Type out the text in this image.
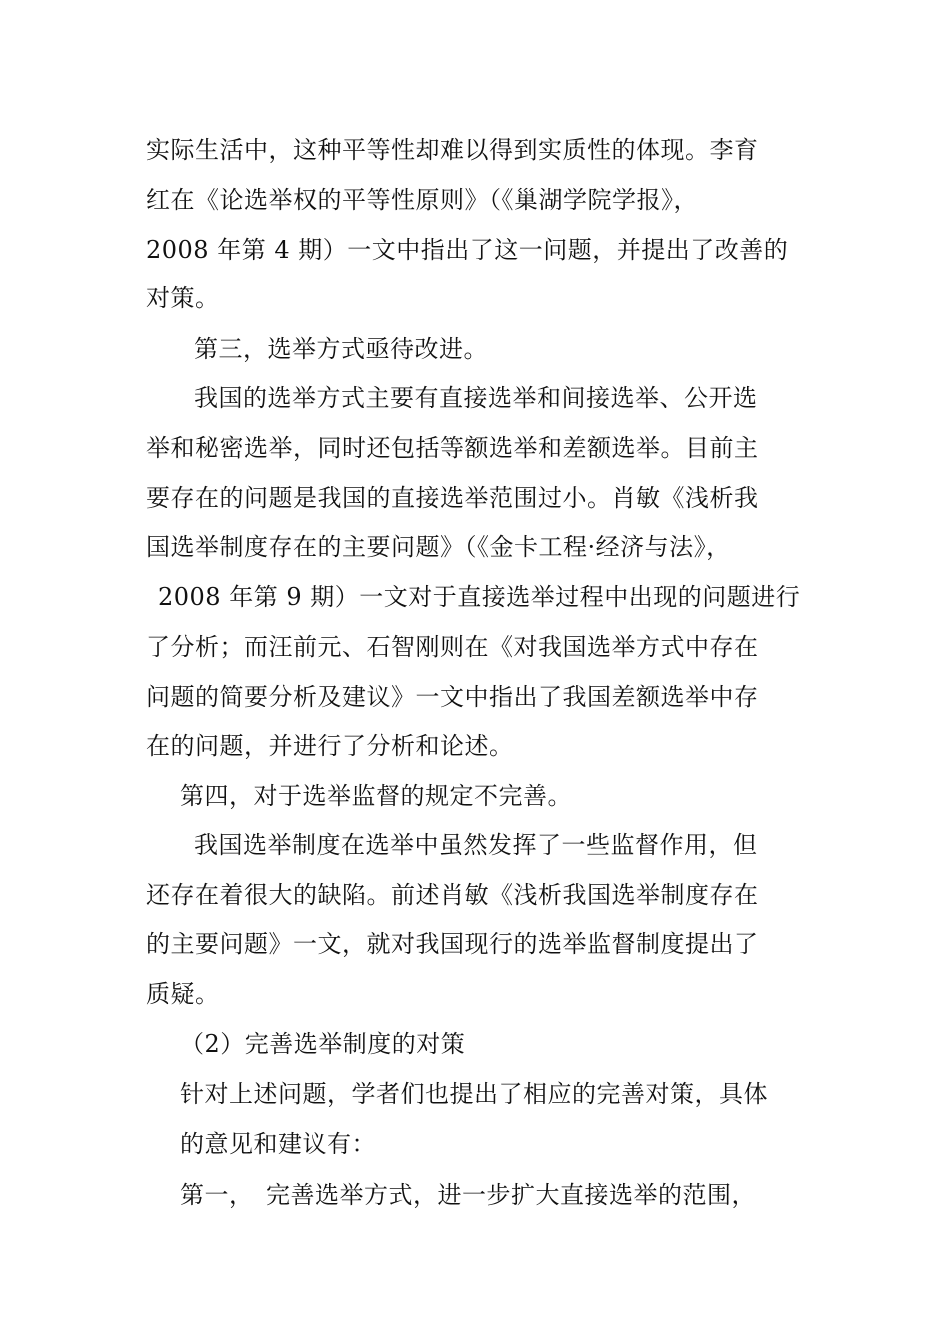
实际生活中，这种平等性却难以得到实质性的体现。李育
红在《论选举权的平等性原则》（《巢湖学院学报》，
2008 年第 4 期）一文中指出了这一问题，并提出了改善的
对策。
第三，选举方式亟待改进。
我国的选举方式主要有直接选举和间接选举、公开选
举和秘密选举，同时还包括等额选举和差额选举。目前主
要存在的问题是我国的直接选举范围过小。肖敏《浅析我
国选举制度存在的主要问题》（《金卡工程·经济与法》，
2008 年第 9 期）一文对于直接选举过程中出现的问题进行
了分析；而汪前元、石智刚则在《对我国选举方式中存在
问题的简要分析及建议》一文中指出了我国差额选举中存
在的问题，并进行了分析和论述。
第四，对于选举监督的规定不完善。
我国选举制度在选举中虽然发挥了一些监督作用，但
还存在着很大的缺陷。前述肖敏《浅析我国选举制度存在
的主要问题》一文，就对我国现行的选举监督制度提出了
质疑。
（2）完善选举制度的对策
针对上述问题，学者们也提出了相应的完善对策，具体
的意见和建议有：
第一，　完善选举方式，进一步扩大直接选举的范围，
